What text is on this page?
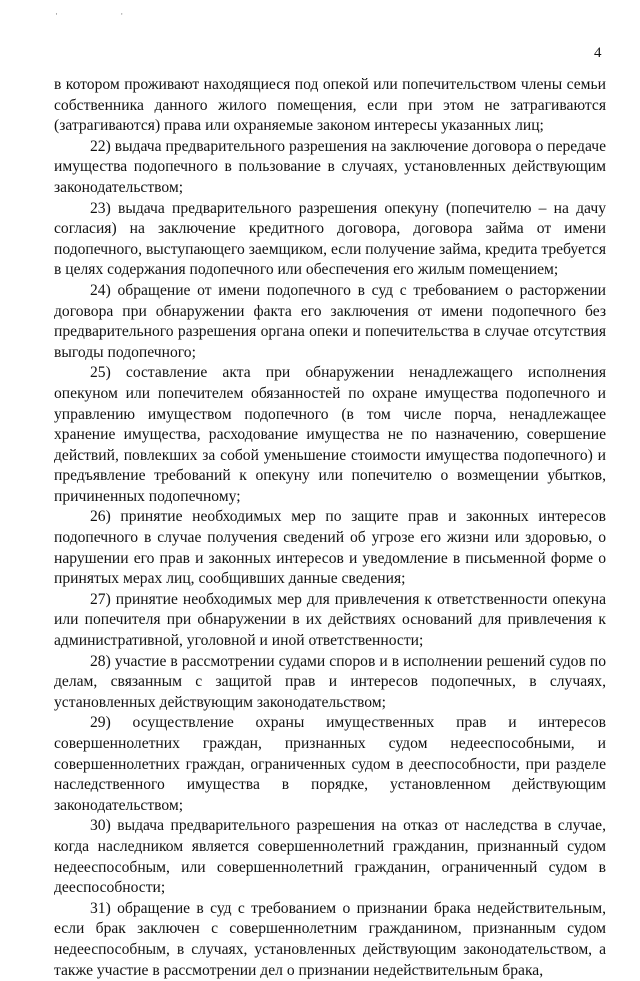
· ·
4

в котором проживают находящиеся под опекой или попечительством члены семьи собственника данного жилого помещения, если при этом не затрагиваются (затрагиваются) права или охраняемые законом интересы указанных лиц;

22) выдача предварительного разрешения на заключение договора о передаче имущества подопечного в пользование в случаях, установленных действующим законодательством;

23) выдача предварительного разрешения опекуну (попечителю – на дачу согласия) на заключение кредитного договора, договора займа от имени подопечного, выступающего заемщиком, если получение займа, кредита требуется в целях содержания подопечного или обеспечения его жилым помещением;

24) обращение от имени подопечного в суд с требованием о расторжении договора при обнаружении факта его заключения от имени подопечного без предварительного разрешения органа опеки и попечительства в случае отсутствия выгоды подопечного;

25) составление акта при обнаружении ненадлежащего исполнения опекуном или попечителем обязанностей по охране имущества подопечного и управлению имуществом подопечного (в том числе порча, ненадлежащее хранение имущества, расходование имущества не по назначению, совершение действий, повлекших за собой уменьшение стоимости имущества подопечного) и предъявление требований к опекуну или попечителю о возмещении убытков, причиненных подопечному;

26) принятие необходимых мер по защите прав и законных интересов подопечного в случае получения сведений об угрозе его жизни или здоровью, о нарушении его прав и законных интересов и уведомление в письменной форме о принятых мерах лиц, сообщивших данные сведения;

27) принятие необходимых мер для привлечения к ответственности опекуна или попечителя при обнаружении в их действиях оснований для привлечения к административной, уголовной и иной ответственности;

28) участие в рассмотрении судами споров и в исполнении решений судов по делам, связанным с защитой прав и интересов подопечных, в случаях, установленных действующим законодательством;

29) осуществление охраны имущественных прав и интересов совершеннолетних граждан, признанных судом недееспособными, и совершеннолетних граждан, ограниченных судом в дееспособности, при разделе наследственного имущества в порядке, установленном действующим законодательством;

30) выдача предварительного разрешения на отказ от наследства в случае, когда наследником является совершеннолетний гражданин, признанный судом недееспособным, или совершеннолетний гражданин, ограниченный судом в дееспособности;

31) обращение в суд с требованием о признании брака недействительным, если брак заключен с совершеннолетним гражданином, признанным судом недееспособным, в случаях, установленных действующим законодательством, а также участие в рассмотрении дел о признании недействительным брака,
